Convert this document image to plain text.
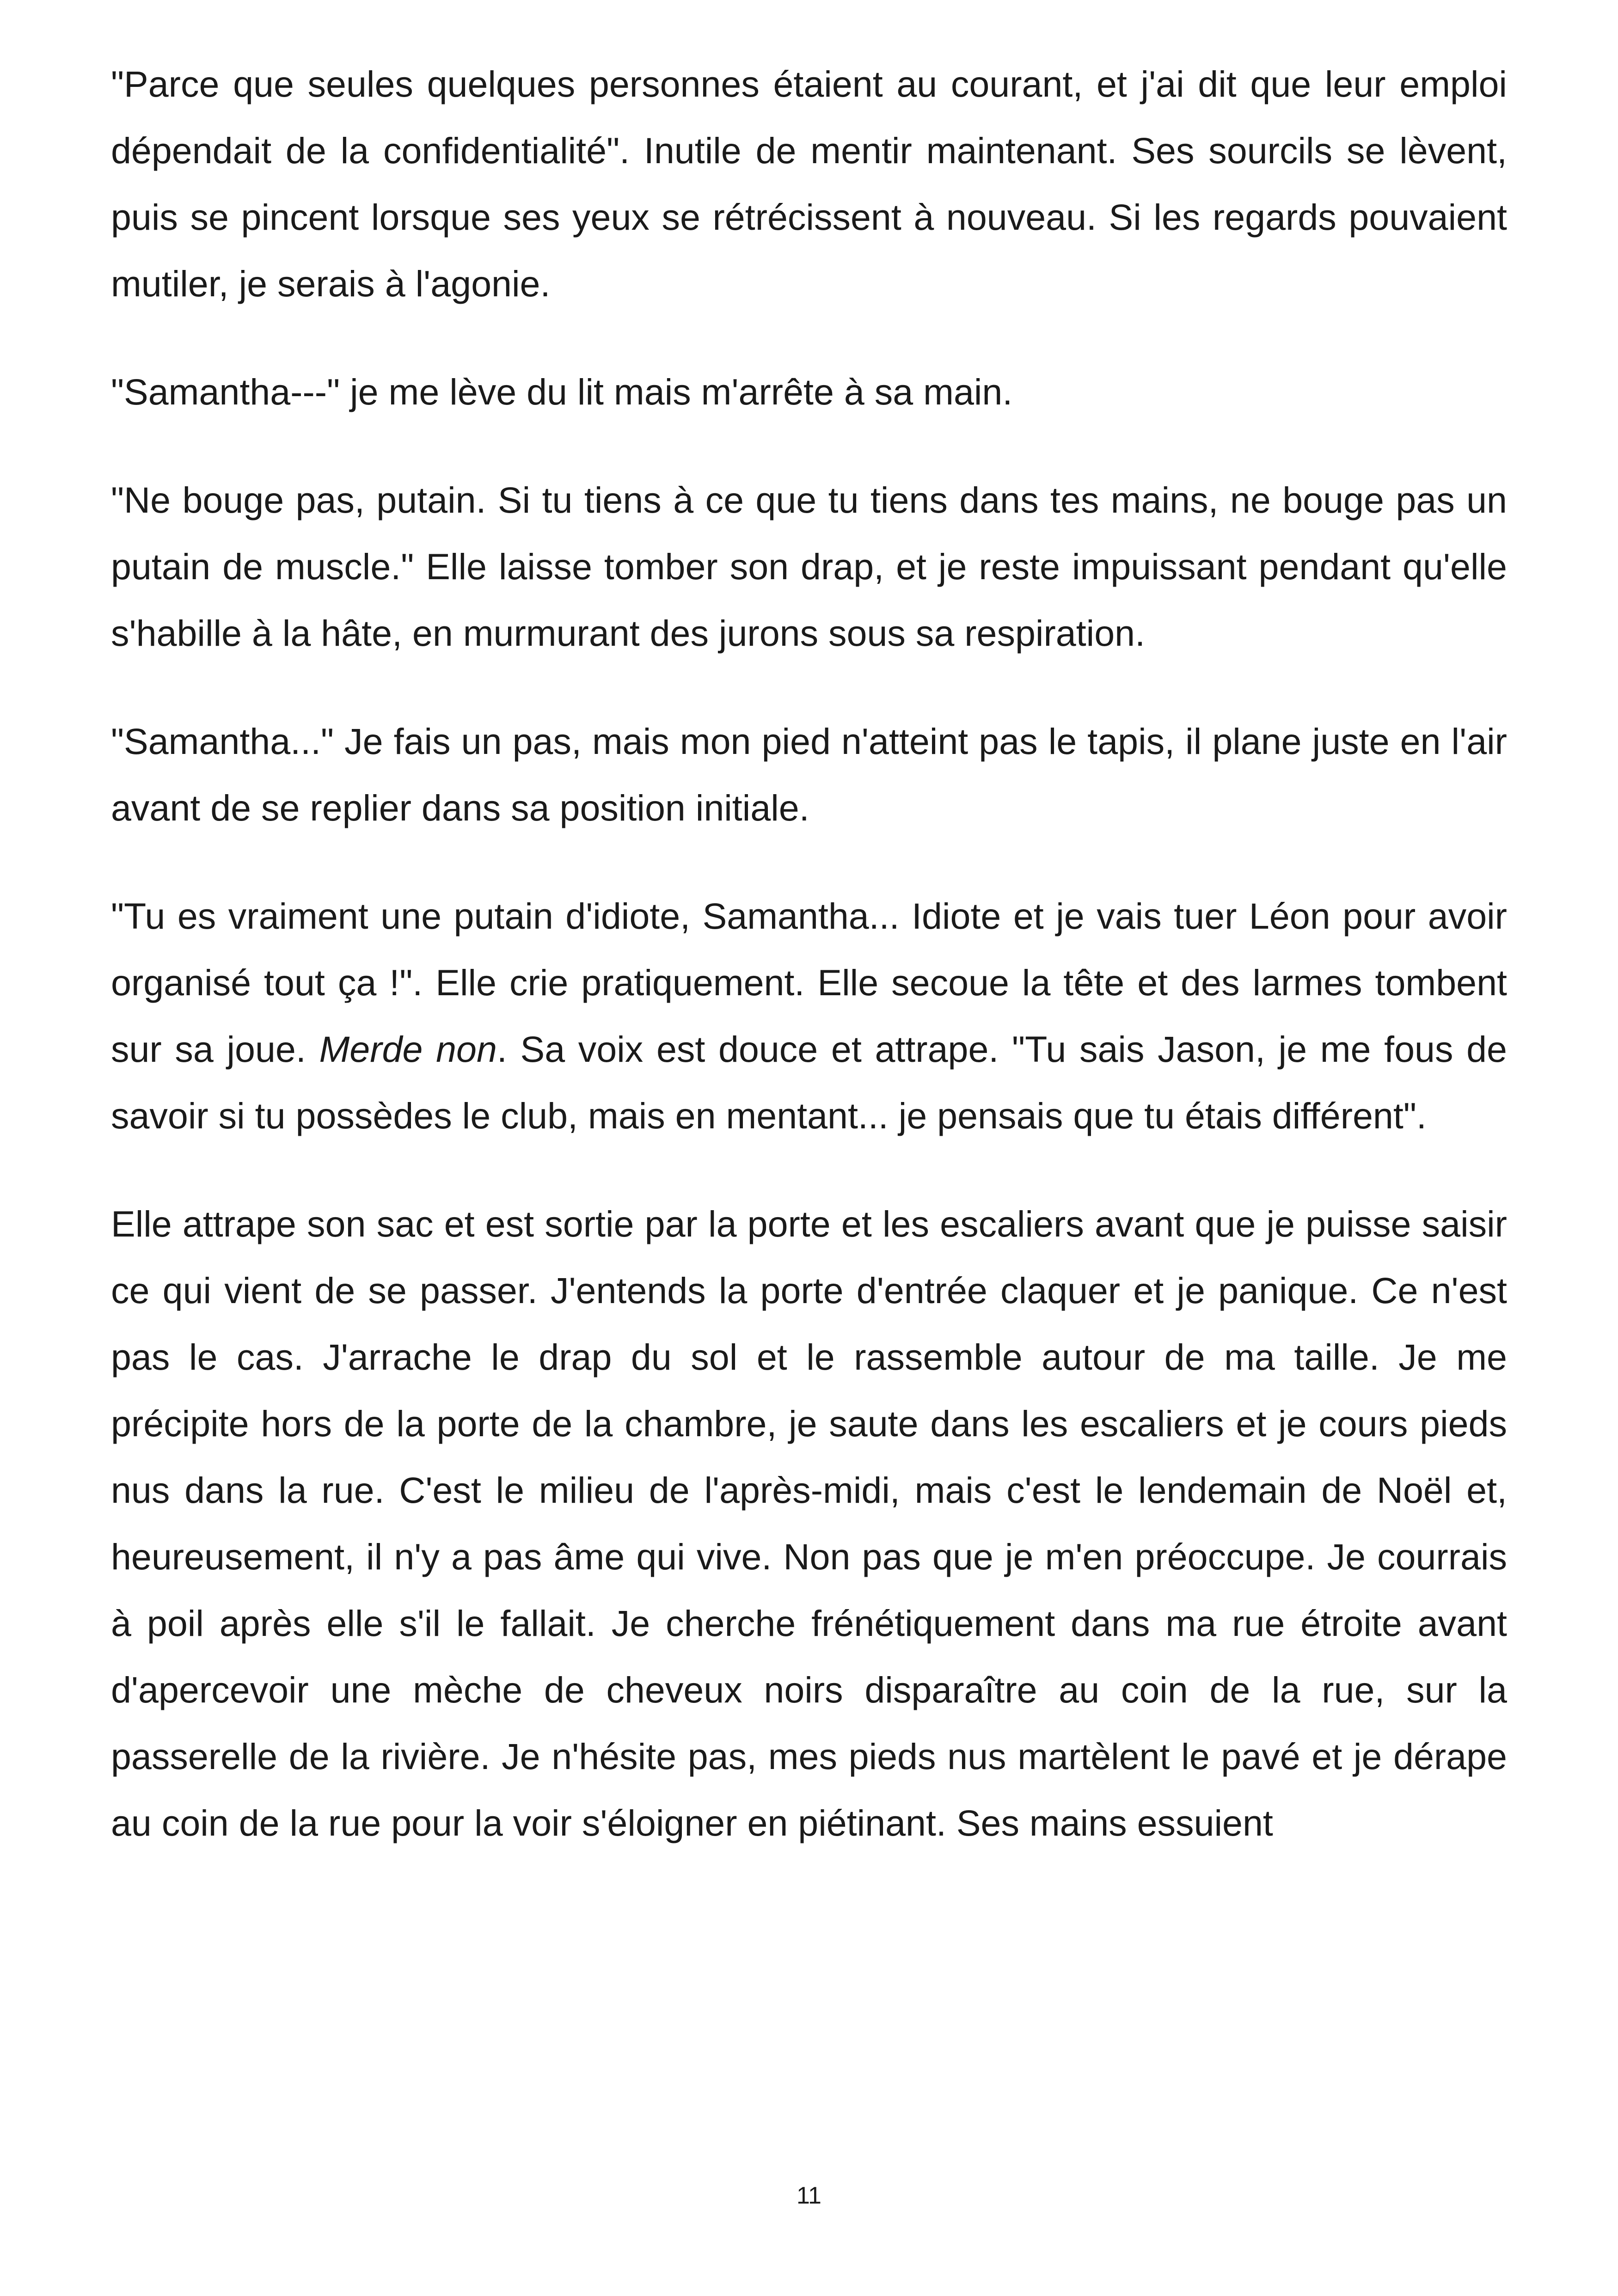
"Parce que seules quelques personnes étaient au courant, et j'ai dit que leur emploi dépendait de la confidentialité". Inutile de mentir maintenant. Ses sourcils se lèvent, puis se pincent lorsque ses yeux se rétrécissent à nouveau. Si les regards pouvaient mutiler, je serais à l'agonie.

"Samantha---" je me lève du lit mais m'arrête à sa main.

"Ne bouge pas, putain. Si tu tiens à ce que tu tiens dans tes mains, ne bouge pas un putain de muscle." Elle laisse tomber son drap, et je reste impuissant pendant qu'elle s'habille à la hâte, en murmurant des jurons sous sa respiration.

"Samantha..." Je fais un pas, mais mon pied n'atteint pas le tapis, il plane juste en l'air avant de se replier dans sa position initiale.

"Tu es vraiment une putain d'idiote, Samantha... Idiote et je vais tuer Léon pour avoir organisé tout ça !". Elle crie pratiquement. Elle secoue la tête et des larmes tombent sur sa joue. Merde non. Sa voix est douce et attrape. "Tu sais Jason, je me fous de savoir si tu possèdes le club, mais en mentant... je pensais que tu étais différent".

Elle attrape son sac et est sortie par la porte et les escaliers avant que je puisse saisir ce qui vient de se passer. J'entends la porte d'entrée claquer et je panique. Ce n'est pas le cas. J'arrache le drap du sol et le rassemble autour de ma taille. Je me précipite hors de la porte de la chambre, je saute dans les escaliers et je cours pieds nus dans la rue. C'est le milieu de l'après-midi, mais c'est le lendemain de Noël et, heureusement, il n'y a pas âme qui vive. Non pas que je m'en préoccupe. Je courrais à poil après elle s'il le fallait. Je cherche frénétiquement dans ma rue étroite avant d'apercevoir une mèche de cheveux noirs disparaître au coin de la rue, sur la passerelle de la rivière. Je n'hésite pas, mes pieds nus martèlent le pavé et je dérape au coin de la rue pour la voir s'éloigner en piétinant. Ses mains essuient

11
